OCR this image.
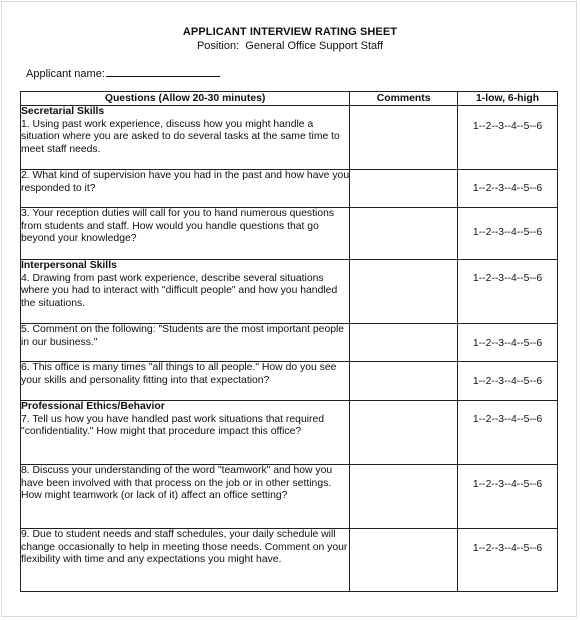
APPLICANT INTERVIEW RATING SHEET
Position: General Office Support Staff
Applicant name:
Questions (Allow 20-30 minutes)	Comments	1-low, 6-high

Secretarial Skills
1. Using past work experience, discuss how you might handle a situation where you are asked to do several tasks at the same time to meet staff needs.		1--2--3--4--5--6

2. What kind of supervision have you had in the past and how have you responded to it?		1--2--3--4--5--6

3. Your reception duties will call for you to hand numerous questions from students and staff. How would you handle questions that go beyond your knowledge?		1--2--3--4--5--6

Interpersonal Skills
4. Drawing from past work experience, describe several situations where you had to interact with "difficult people" and how you handled the situations.		1--2--3--4--5--6

5. Comment on the following: "Students are the most important people in our business."		1--2--3--4--5--6

6. This office is many times "all things to all people." How do you see your skills and personality fitting into that expectation?		1--2--3--4--5--6

Professional Ethics/Behavior
7. Tell us how you have handled past work situations that required "confidentiality." How might that procedure impact this office?		1--2--3--4--5--6

8. Discuss your understanding of the word "teamwork" and how you have been involved with that process on the job or in other settings. How might teamwork (or lack of it) affect an office setting?		1--2--3--4--5--6

9. Due to student needs and staff schedules, your daily schedule will change occasionally to help in meeting those needs. Comment on your flexibility with time and any expectations you might have.		1--2--3--4--5--6
